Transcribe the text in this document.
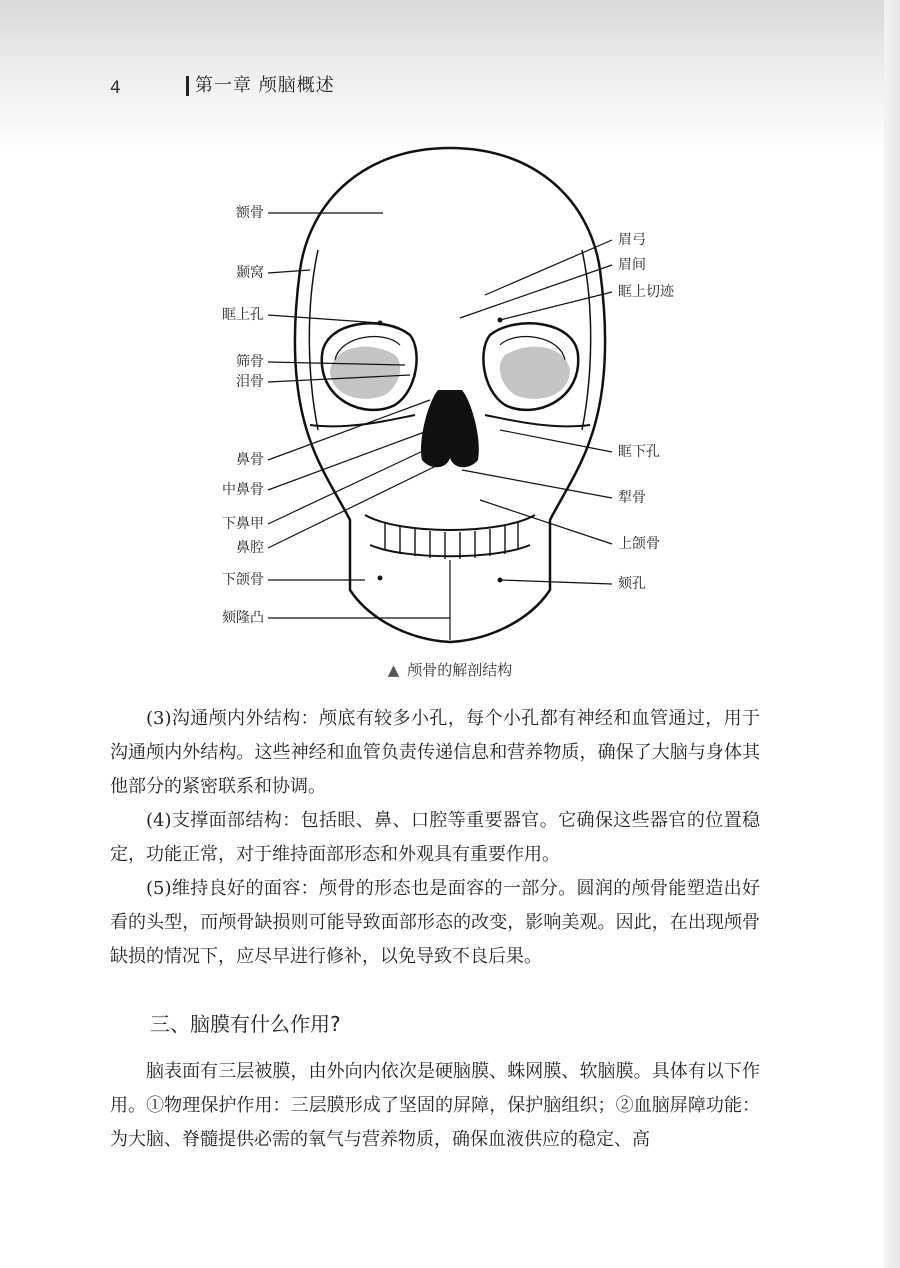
4	第一章 颅脑概述
额骨
颞窝
眶上孔
筛骨
泪骨
鼻骨
中鼻骨
下鼻甲
鼻腔
下颌骨
颏隆凸
眉弓
眉间
眶上切迹
眶下孔
犁骨
上颌骨
颏孔
▲ 颅骨的解剖结构

(3)沟通颅内外结构：颅底有较多小孔，每个小孔都有神经和血管通过，用于沟通颅内外结构。这些神经和血管负责传递信息和营养物质，确保了大脑与身体其他部分的紧密联系和协调。

(4)支撑面部结构：包括眼、鼻、口腔等重要器官。它确保这些器官的位置稳定，功能正常，对于维持面部形态和外观具有重要作用。

(5)维持良好的面容：颅骨的形态也是面容的一部分。圆润的颅骨能塑造出好看的头型，而颅骨缺损则可能导致面部形态的改变，影响美观。因此，在出现颅骨缺损的情况下，应尽早进行修补，以免导致不良后果。

三、脑膜有什么作用?

脑表面有三层被膜，由外向内依次是硬脑膜、蛛网膜、软脑膜。具体有以下作用。①物理保护作用：三层膜形成了坚固的屏障，保护脑组织；②血脑屏障功能：为大脑、脊髓提供必需的氧气与营养物质，确保血液供应的稳定、高
